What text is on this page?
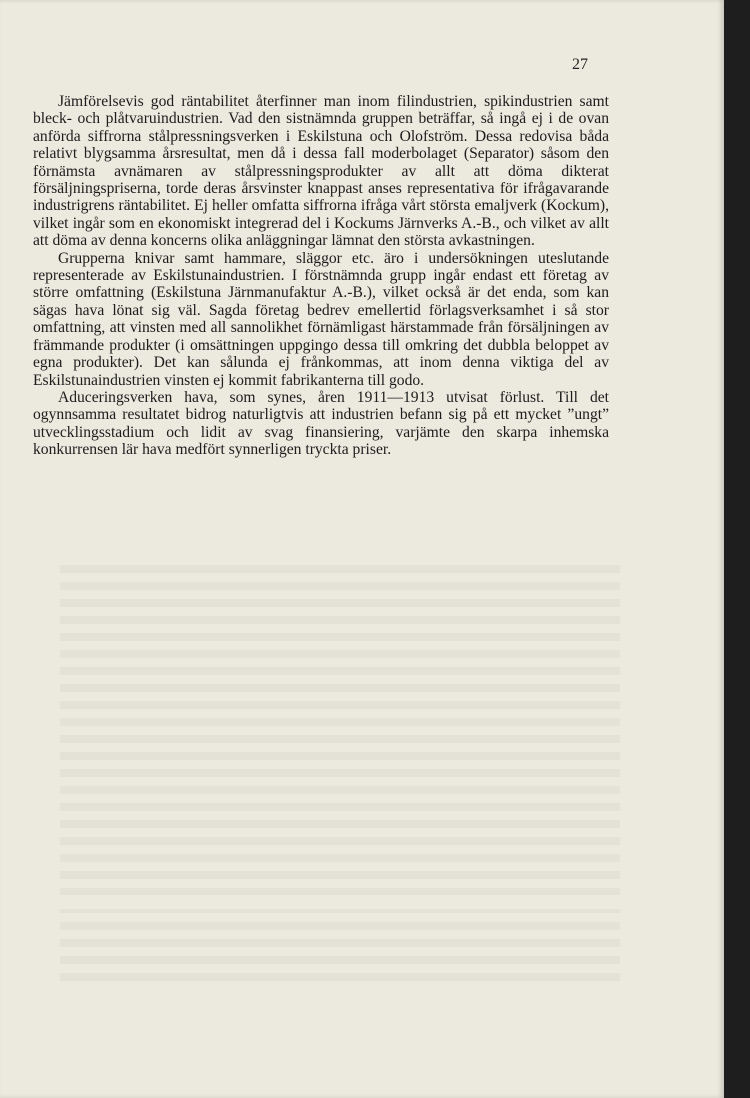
27

Jämförelsevis god räntabilitet återfinner man inom filindustrien, spikindustrien samt bleck- och plåtvaruindustrien. Vad den sistnämnda gruppen beträffar, så ingå ej i de ovan anförda siffrorna stålpressningsverken i Eskilstuna och Olofström. Dessa redovisa båda relativt blygsamma årsresultat, men då i dessa fall moderbolaget (Separator) såsom den förnämsta avnämaren av stålpressningsprodukter av allt att döma dikterat försäljningspriserna, torde deras årsvinster knappast anses representativa för ifrågavarande industrigrens räntabilitet. Ej heller omfatta siffrorna ifråga vårt största emaljverk (Kockum), vilket ingår som en ekonomiskt integrerad del i Kockums Järnverks A.-B., och vilket av allt att döma av denna koncerns olika anläggningar lämnat den största avkastningen.

Grupperna knivar samt hammare, släggor etc. äro i undersökningen uteslutande representerade av Eskilstunaindustrien. I förstnämnda grupp ingår endast ett företag av större omfattning (Eskilstuna Järnmanufaktur A.-B.), vilket också är det enda, som kan sägas hava lönat sig väl. Sagda företag bedrev emellertid förlagsverksamhet i så stor omfattning, att vinsten med all sannolikhet förnämligast härstammade från försäljningen av främmande produkter (i omsättningen uppgingo dessa till omkring det dubbla beloppet av egna produkter). Det kan sålunda ej frånkommas, att inom denna viktiga del av Eskilstunaindustrien vinsten ej kommit fabrikanterna till godo.

Aduceringsverken hava, som synes, åren 1911—1913 utvisat förlust. Till det ogynnsamma resultatet bidrog naturligtvis att industrien befann sig på ett mycket ”ungt” utvecklingsstadium och lidit av svag finansiering, varjämte den skarpa inhemska konkurrensen lär hava medfört synnerligen tryckta priser.
